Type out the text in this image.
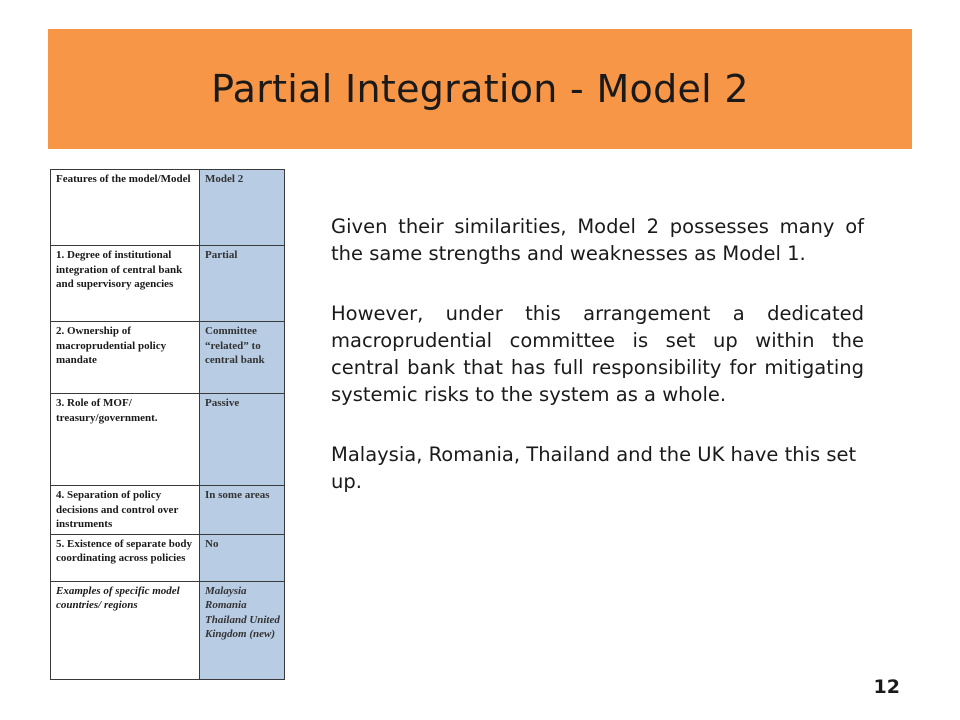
Partial Integration - Model 2
Features of the model/Model	Model 2
1. Degree of institutional integration of central bank and supervisory agencies	Partial
2. Ownership of macroprudential policy mandate	Committee “related” to central bank
3. Role of MOF/ treasury/government.	Passive
4. Separation of policy decisions and control over instruments	In some areas
5. Existence of separate body coordinating across policies	No
Examples of specific model countries/ regions	Malaysia Romania Thailand United Kingdom (new)

Given their similarities, Model 2 possesses many of the same strengths and weaknesses as Model 1.

However, under this arrangement a dedicated macroprudential committee is set up within the central bank that has full responsibility for mitigating systemic risks to the system as a whole.

Malaysia, Romania, Thailand and the UK have this set up.

12
